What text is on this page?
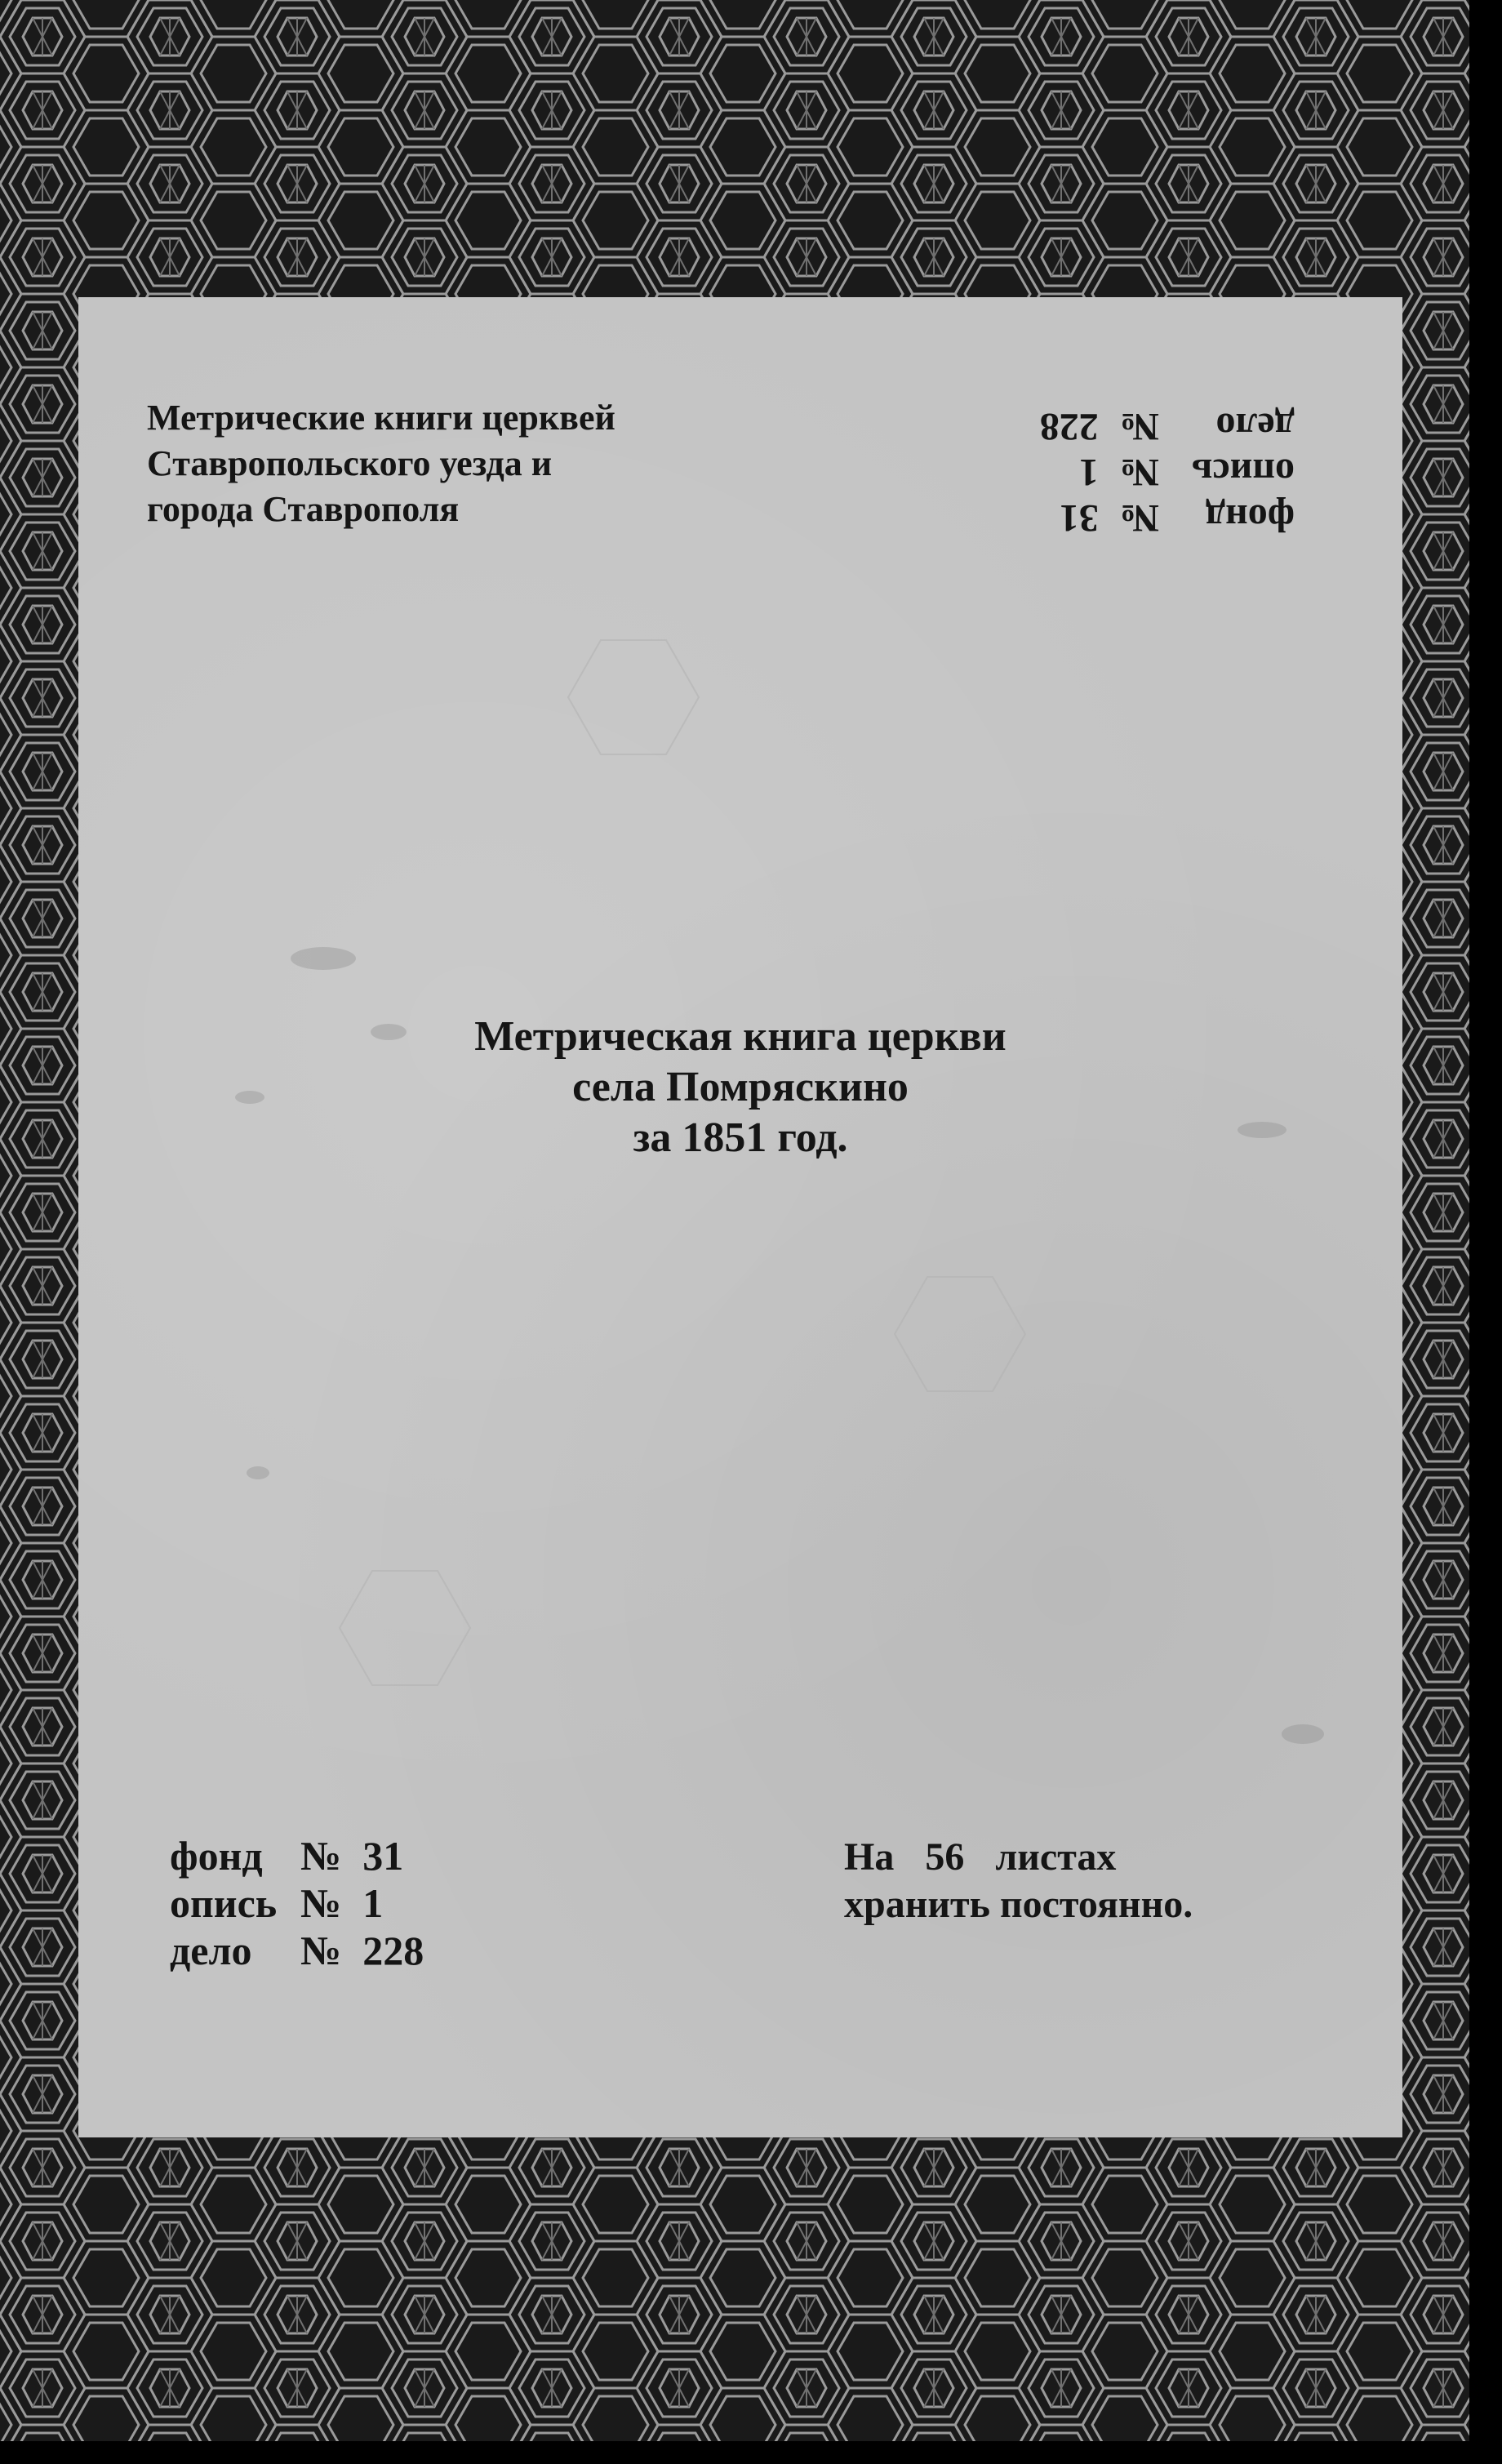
Метрические книги церквей
Ставропольского уезда и
города Ставрополя	фонд
№
31
опись
№
1
дело
№
228
Метрическая книга церкви
села Помряскино
за 1851 год.
фонд № 31
опись № 1
дело	№ 228
На 56 листах
хранить постоянно.
